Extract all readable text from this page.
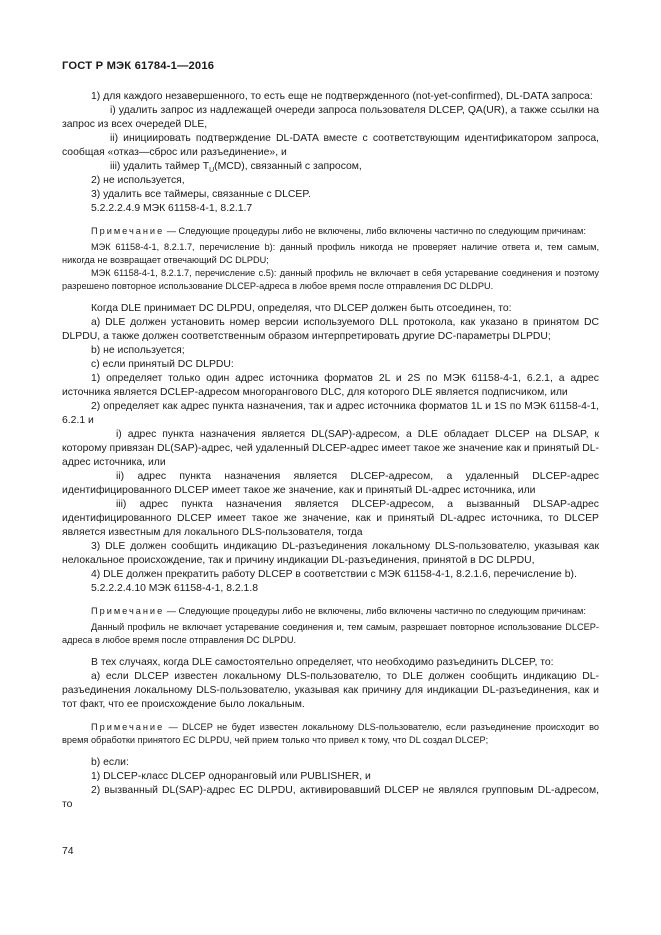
ГОСТ Р МЭК 61784-1—2016

1) для каждого незавершенного, то есть еще не подтвержденного (not-yet-confirmed), DL-DATA запроса:

i) удалить запрос из надлежащей очереди запроса пользователя DLCEP, QA(UR), а также ссылки на запрос из всех очередей DLE,

ii) инициировать подтверждение DL-DATA вместе с соответствующим идентификатором запроса, сообщая «отказ—сброс или разъединение», и

iii) удалить таймер $T_U(MCD)$, связанный с запросом,

2) не используется,

3) удалить все таймеры, связанные с DLCEP.

5.2.2.2.4.9 МЭК 61158-4-1, 8.2.1.7

Примечание — Следующие процедуры либо не включены, либо включены частично по следующим причинам:

МЭК 61158-4-1, 8.2.1.7, перечисление b): данный профиль никогда не проверяет наличие ответа и, тем самым, никогда не возвращает отвечающий DC DLPDU;

МЭК 61158-4-1, 8.2.1.7, перечисление c.5): данный профиль не включает в себя устаревание соединения и поэтому разрешено повторное использование DLCEP-адреса в любое время после отправления DC DLDPU.

Когда DLE принимает DC DLPDU, определяя, что DLCEP должен быть отсоединен, то:

a) DLE должен установить номер версии используемого DLL протокола, как указано в принятом DC DLPDU, а также должен соответственным образом интерпретировать другие DC-параметры DLPDU;

b) не используется;

c) если принятый DC DLPDU:

1) определяет только один адрес источника форматов 2L и 2S по МЭК 61158-4-1, 6.2.1, а адрес источника является DCLEP-адресом многорангового DLC, для которого DLE является подписчиком, или

2) определяет как адрес пункта назначения, так и адрес источника форматов 1L и 1S по МЭК 61158-4-1, 6.2.1 и

i) адрес пункта назначения является DL(SAP)-адресом, а DLE обладает DLCEP на DLSAP, к которому привязан DL(SAP)-адрес, чей удаленный DLCEP-адрес имеет такое же значение как и принятый DL-адрес источника, или

ii) адрес пункта назначения является DLCEP-адресом, а удаленный DLCEP-адрес идентифицированного DLCEP имеет такое же значение, как и принятый DL-адрес источника, или

iii) адрес пункта назначения является DLCEP-адресом, а вызванный DLSAP-адрес идентифицированного DLCEP имеет такое же значение, как и принятый DL-адрес источника, то DLCEP является известным для локального DLS-пользователя, тогда

3) DLE должен сообщить индикацию DL-разъединения локальному DLS-пользователю, указывая как нелокальное происхождение, так и причину индикации DL-разъединения, принятой в DC DLPDU,

4) DLE должен прекратить работу DLCEP в соответствии с МЭК 61158-4-1, 8.2.1.6, перечисление b).

5.2.2.2.4.10 МЭК 61158-4-1, 8.2.1.8

Примечание — Следующие процедуры либо не включены, либо включены частично по следующим причинам:

Данный профиль не включает устаревание соединения и, тем самым, разрешает повторное использование DLCEP-адреса в любое время после отправления DC DLPDU.

В тех случаях, когда DLE самостоятельно определяет, что необходимо разъединить DLCEP, то:

a) если DLCEP известен локальному DLS-пользователю, то DLE должен сообщить индикацию DL-разъединения локальному DLS-пользователю, указывая как причину для индикации DL-разъединения, как и тот факт, что ее происхождение было локальным.

Примечание — DLCEP не будет известен локальному DLS-пользователю, если разъединение происходит во время обработки принятого EC DLPDU, чей прием только что привел к тому, что DL создал DLCEP;

b) если:

1) DLCEP-класс DLCEP одноранговый или PUBLISHER, и

2) вызванный DL(SAP)-адрес EC DLPDU, активировавший DLCEP не являлся групповым DL-адресом, то

74
